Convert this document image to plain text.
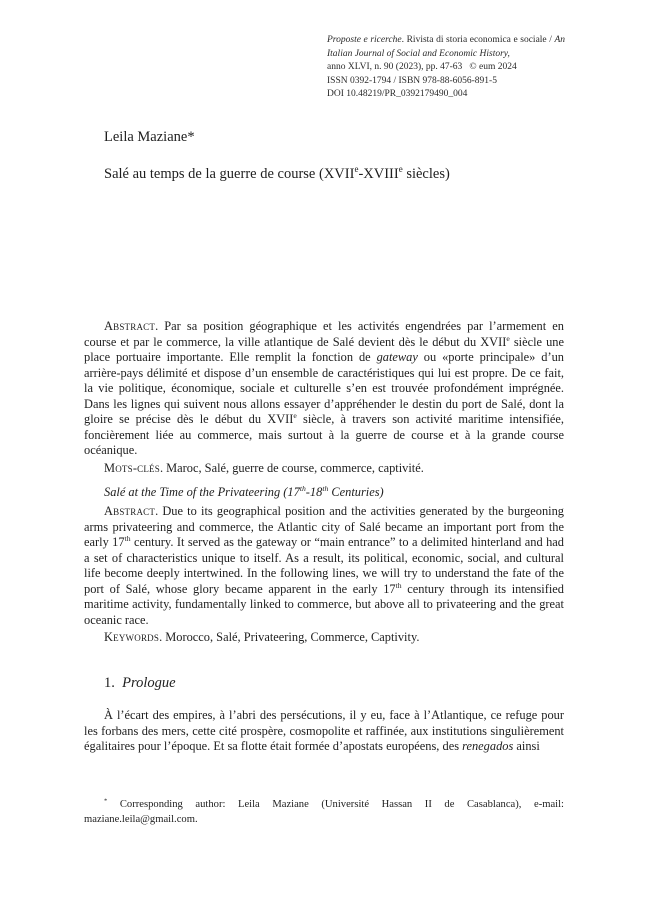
Proposte e ricerche. Rivista di storia economica e sociale / An Italian Journal of Social and Economic History,
anno XLVI, n. 90 (2023), pp. 47-63 © eum 2024
ISSN 0392-1794 / ISBN 978-88-6056-891-5
DOI 10.48219/PR_0392179490_004
Leila Maziane*
Salé au temps de la guerre de course (XVIIe-XVIIIe siècles)

Abstract. Par sa position géographique et les activités engendrées par l’armement en course et par le commerce, la ville atlantique de Salé devient dès le début du XVIIe siècle une place portuaire importante. Elle remplit la fonction de gateway ou «porte principale» d’un arrière-pays délimité et dispose d’un ensemble de caractéristiques qui lui est propre. De ce fait, la vie politique, économique, sociale et culturelle s’en est trouvée profondément imprégnée. Dans les lignes qui suivent nous allons essayer d’appréhender le destin du port de Salé, dont la gloire se précise dès le début du XVIIe siècle, à travers son activité maritime intensifiée, foncièrement liée au commerce, mais surtout à la guerre de course et à la grande course océanique.

Mots-clés. Maroc, Salé, guerre de course, commerce, captivité.

Salé at the Time of the Privateering (17th-18th Centuries)

Abstract. Due to its geographical position and the activities generated by the burgeoning arms privateering and commerce, the Atlantic city of Salé became an important port from the early 17th century. It served as the gateway or “main entrance” to a delimited hinterland and had a set of characteristics unique to itself. As a result, its political, economic, social, and cultural life become deeply intertwined. In the following lines, we will try to understand the fate of the port of Salé, whose glory became apparent in the early 17th century through its intensified maritime activity, fundamentally linked to commerce, but above all to privateering and the great oceanic race.

Keywords. Morocco, Salé, Privateering, Commerce, Captivity.

1. Prologue

À l’écart des empires, à l’abri des persécutions, il y eu, face à l’Atlantique, ce refuge pour les forbans des mers, cette cité prospère, cosmopolite et raffinée, aux institutions singulièrement égalitaires pour l’époque. Et sa flotte était formée d’apostats européens, des renegados ainsi

* Corresponding author: Leila Maziane (Université Hassan II de Casablanca), e-mail: maziane.leila@gmail.com.
